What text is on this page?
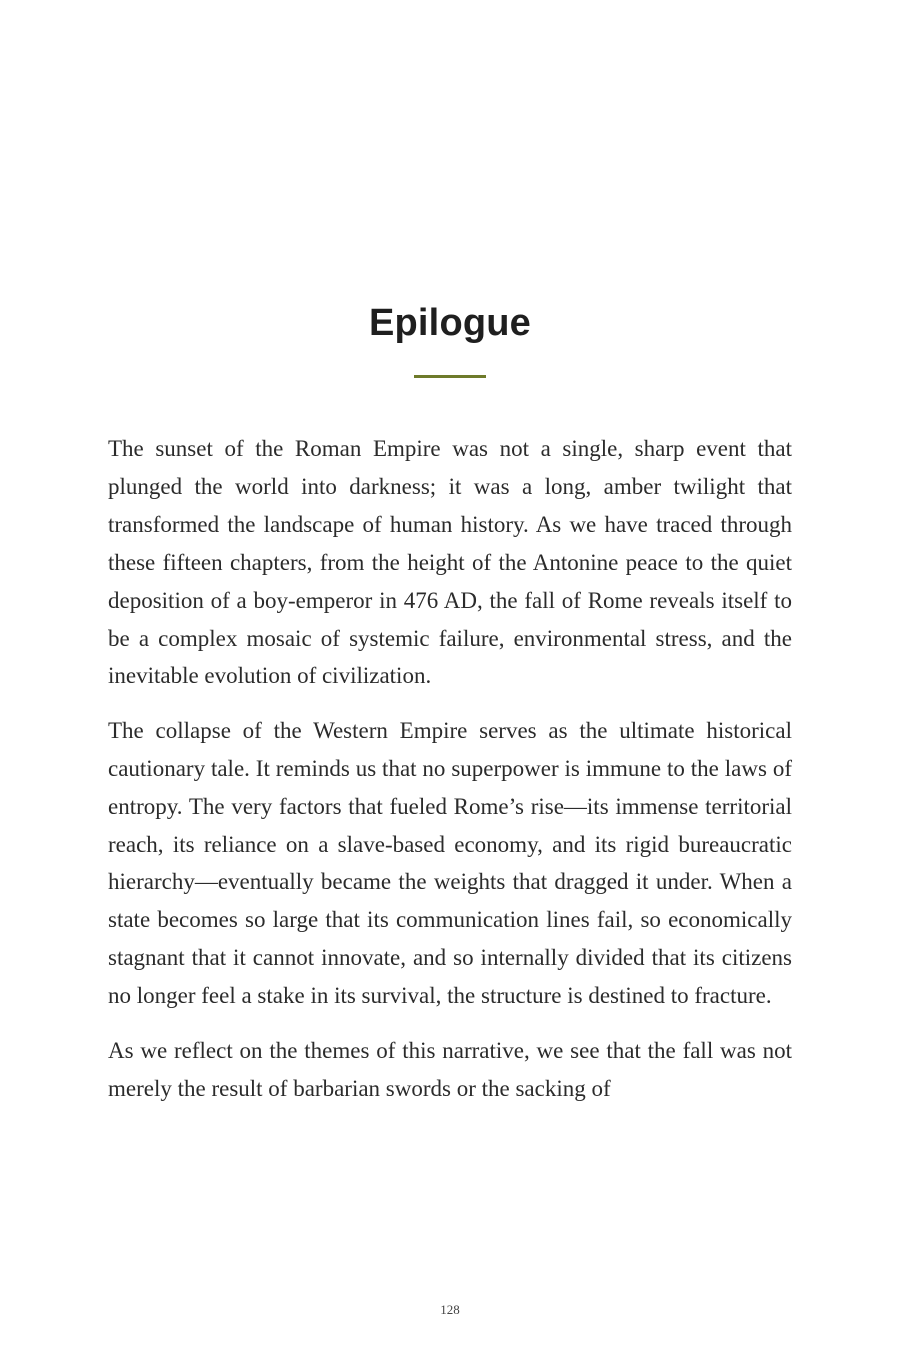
Epilogue

The sunset of the Roman Empire was not a single, sharp event that plunged the world into darkness; it was a long, amber twilight that transformed the landscape of human history. As we have traced through these fifteen chapters, from the height of the Antonine peace to the quiet deposition of a boy-emperor in 476 AD, the fall of Rome reveals itself to be a complex mosaic of systemic failure, environmental stress, and the inevitable evolution of civilization.

The collapse of the Western Empire serves as the ultimate historical cautionary tale. It reminds us that no superpower is immune to the laws of entropy. The very factors that fueled Rome’s rise—its immense territorial reach, its reliance on a slave-based economy, and its rigid bureaucratic hierarchy—eventually became the weights that dragged it under. When a state becomes so large that its communication lines fail, so economically stagnant that it cannot innovate, and so internally divided that its citizens no longer feel a stake in its survival, the structure is destined to fracture.

As we reflect on the themes of this narrative, we see that the fall was not merely the result of barbarian swords or the sacking of

128
